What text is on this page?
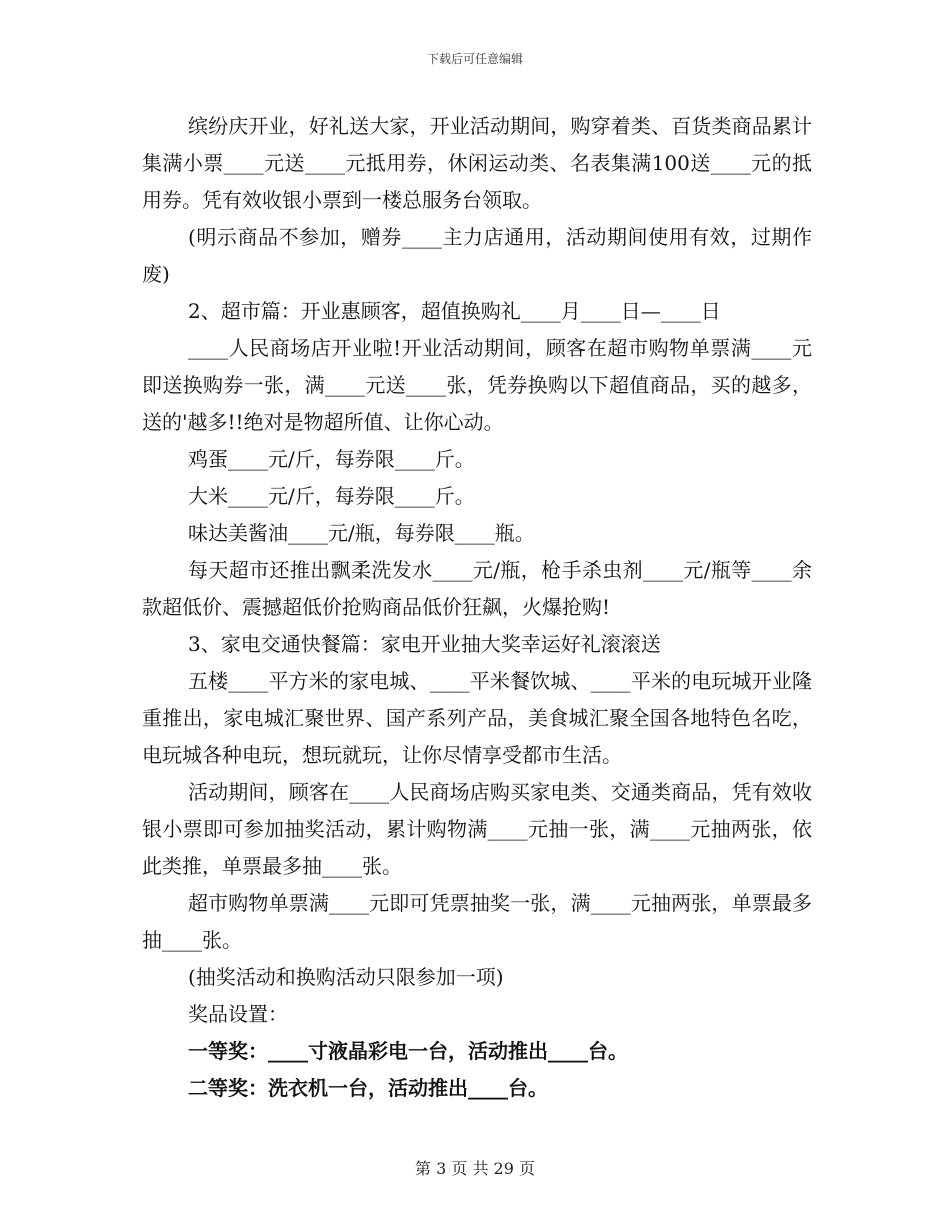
下载后可任意编辑

缤纷庆开业，好礼送大家，开业活动期间，购穿着类、百货类商品累计集满小票____元送____元抵用券，休闲运动类、名表集满100送____元的抵用券。凭有效收银小票到一楼总服务台领取。

(明示商品不参加，赠券____主力店通用，活动期间使用有效，过期作废)

2、超市篇：开业惠顾客，超值换购礼____月____日—____日

____人民商场店开业啦!开业活动期间，顾客在超市购物单票满____元即送换购券一张，满____元送____张，凭券换购以下超值商品，买的越多，送的'越多!!绝对是物超所值、让你心动。

鸡蛋____元/斤，每券限____斤。

大米____元/斤，每券限____斤。

味达美酱油____元/瓶，每券限____瓶。

每天超市还推出飘柔洗发水____元/瓶，枪手杀虫剂____元/瓶等____余款超低价、震撼超低价抢购商品低价狂飙，火爆抢购!

3、家电交通快餐篇：家电开业抽大奖幸运好礼滚滚送

五楼____平方米的家电城、____平米餐饮城、____平米的电玩城开业隆重推出，家电城汇聚世界、国产系列产品，美食城汇聚全国各地特色名吃，电玩城各种电玩，想玩就玩，让你尽情享受都市生活。

活动期间，顾客在____人民商场店购买家电类、交通类商品，凭有效收银小票即可参加抽奖活动，累计购物满____元抽一张，满____元抽两张，依此类推，单票最多抽____张。

超市购物单票满____元即可凭票抽奖一张，满____元抽两张，单票最多抽____张。

(抽奖活动和换购活动只限参加一项)

奖品设置：

一等奖：____寸液晶彩电一台，活动推出____台。

二等奖：洗衣机一台，活动推出____台。

第 3 页 共 29 页
